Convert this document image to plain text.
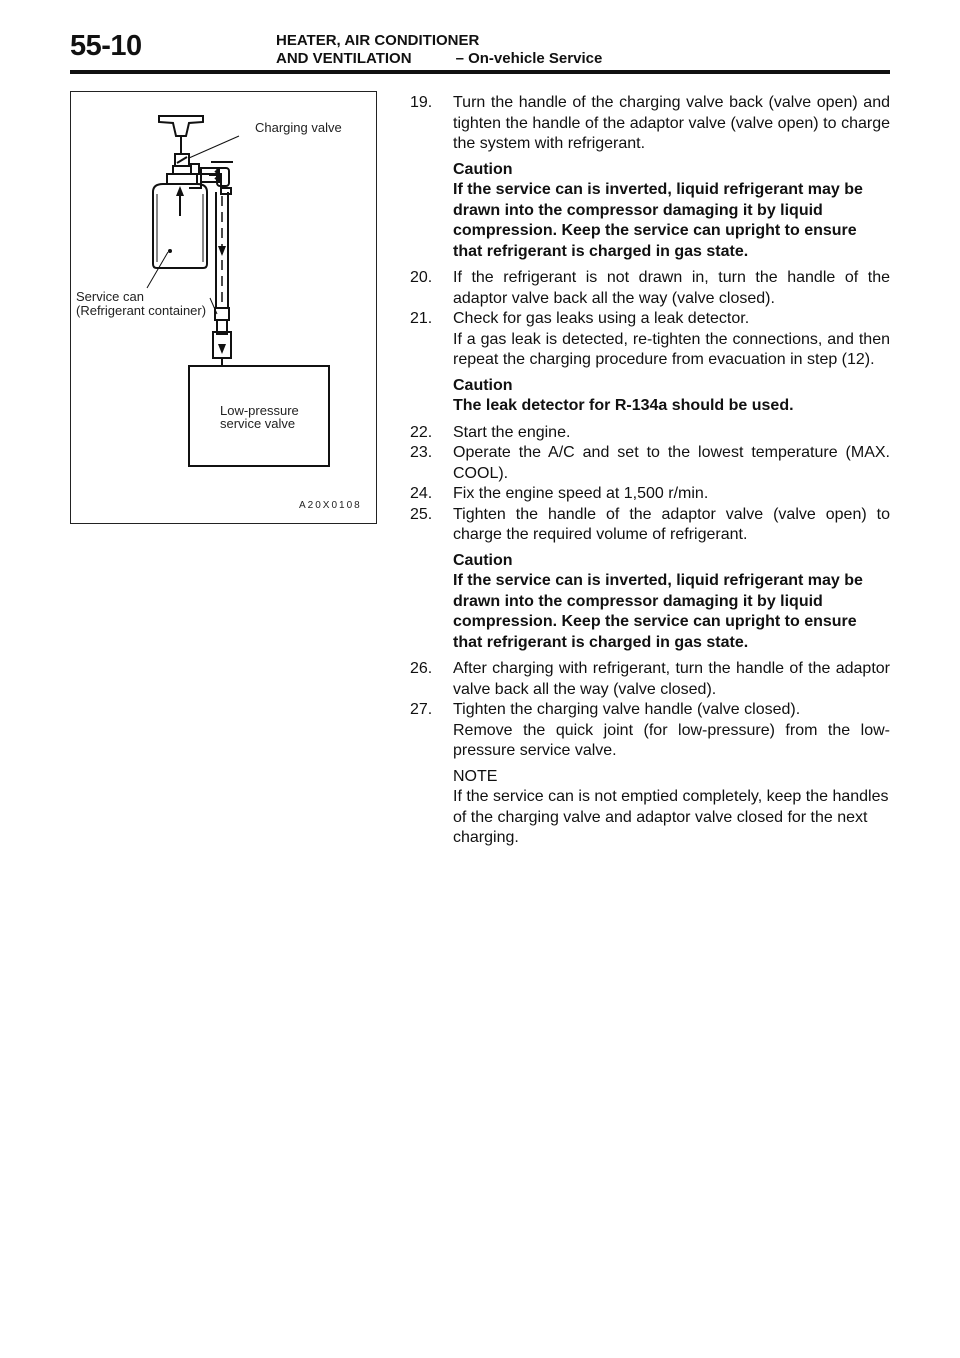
55-10	HEATER, AIR CONDITIONER
AND VENTILATION	– On-vehicle Service
Charging valve
Service can
(Refrigerant container)
Low-pressure
service valve
A20X0108
19. Turn the handle of the charging valve back (valve open) and tighten the handle of the adaptor valve (valve open) to charge the system with refrigerant.
Caution
If the service can is inverted, liquid refrigerant may be drawn into the compressor damaging it by liquid compression. Keep the service can upright to ensure that refrigerant is charged in gas state.
20. If the refrigerant is not drawn in, turn the handle of the adaptor valve back all the way (valve closed).
21. Check for gas leaks using a leak detector.
If a gas leak is detected, re-tighten the connections, and then repeat the charging procedure from evacuation in step (12).
Caution
The leak detector for R-134a should be used.
22. Start the engine.
23. Operate the A/C and set to the lowest temperature (MAX. COOL).
24. Fix the engine speed at 1,500 r/min.
25. Tighten the handle of the adaptor valve (valve open) to charge the required volume of refrigerant.
Caution
If the service can is inverted, liquid refrigerant may be drawn into the compressor damaging it by liquid compression. Keep the service can upright to ensure that refrigerant is charged in gas state.
26. After charging with refrigerant, turn the handle of the adaptor valve back all the way (valve closed).
27. Tighten the charging valve handle (valve closed).
Remove the quick joint (for low-pressure) from the low-pressure service valve.
NOTE
If the service can is not emptied completely, keep the handles of the charging valve and adaptor valve closed for the next charging.
